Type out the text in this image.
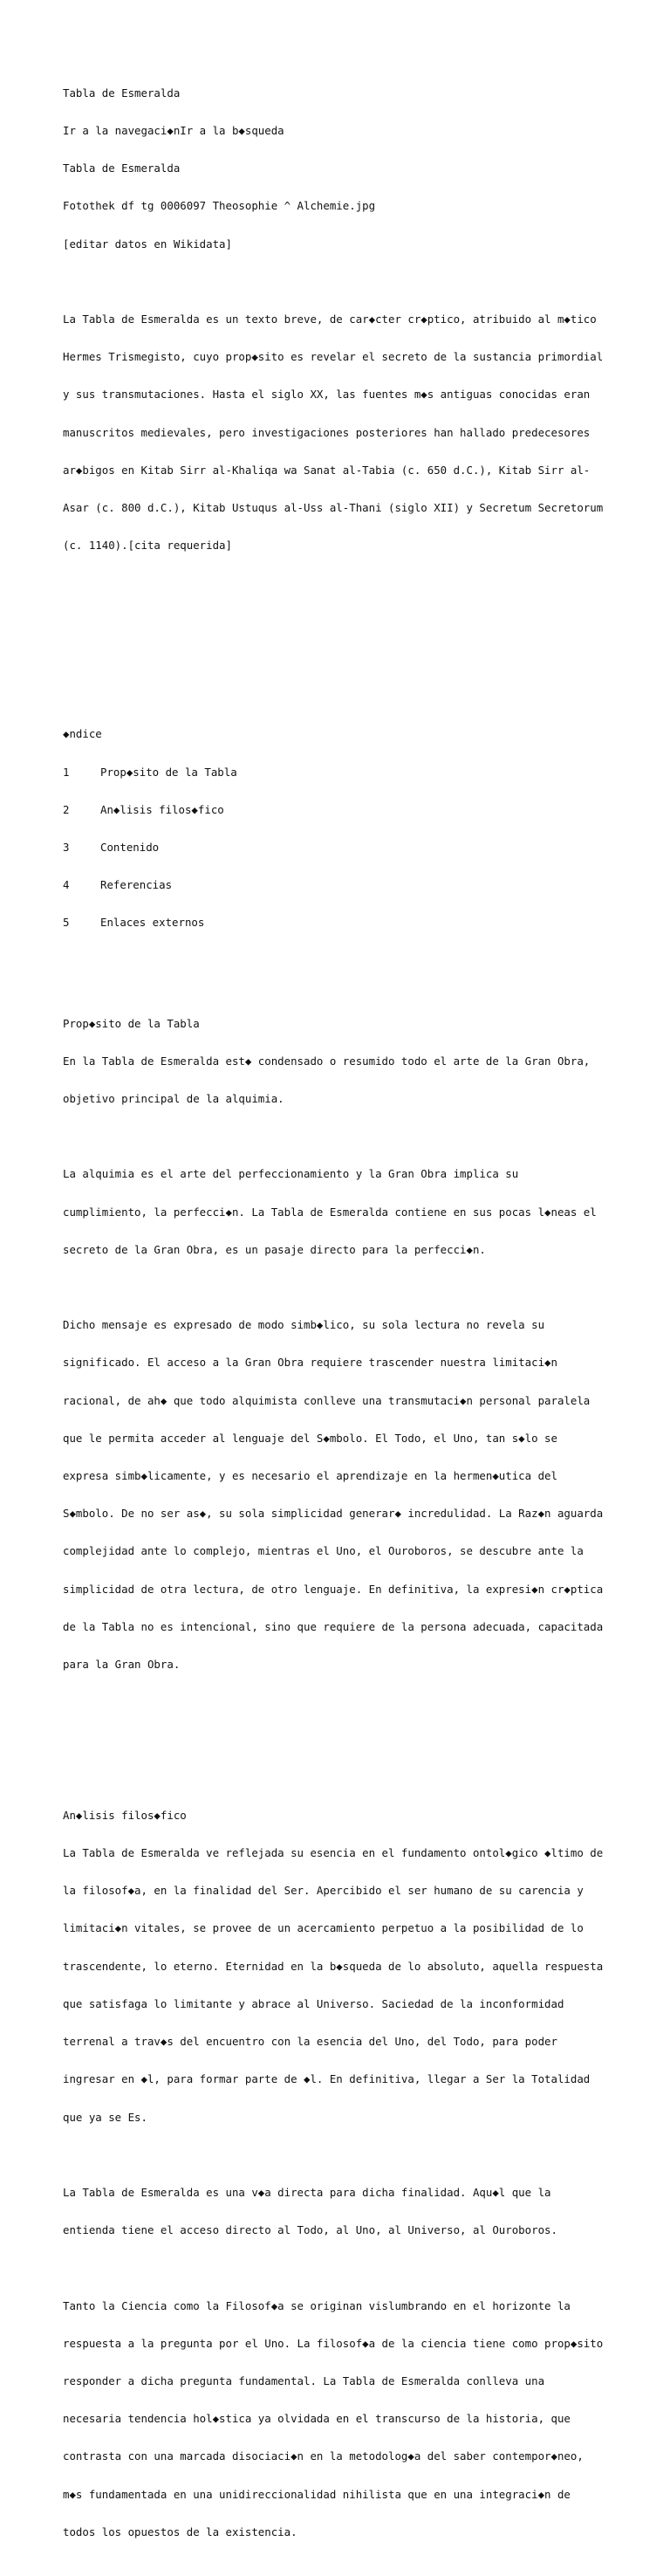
Tabla de Esmeralda

Ir a la navegaci◆nIr a la b◆squeda

Tabla de Esmeralda

Fotothek df tg 0006097 Theosophie ^ Alchemie.jpg

[editar datos en Wikidata]

La Tabla de Esmeralda es un texto breve, de car◆cter cr◆ptico, atribuido al m◆tico

Hermes Trismegisto, cuyo prop◆sito es revelar el secreto de la sustancia primordial

y sus transmutaciones. Hasta el siglo XX, las fuentes m◆s antiguas conocidas eran

manuscritos medievales, pero investigaciones posteriores han hallado predecesores

ar◆bigos en Kitab Sirr al-Khaliqa wa Sanat al-Tabia (c. 650 d.C.), Kitab Sirr al-

Asar (c. 800 d.C.), Kitab Ustuqus al-Uss al-Thani (siglo XII) y Secretum Secretorum

(c. 1140).[cita requerida]

◆ndice

1	Prop◆sito de la Tabla

2	An◆lisis filos◆fico

3	Contenido

4	Referencias

5	Enlaces externos

Prop◆sito de la Tabla

En la Tabla de Esmeralda est◆ condensado o resumido todo el arte de la Gran Obra,

objetivo principal de la alquimia.

La alquimia es el arte del perfeccionamiento y la Gran Obra implica su

cumplimiento, la perfecci◆n. La Tabla de Esmeralda contiene en sus pocas l◆neas el

secreto de la Gran Obra, es un pasaje directo para la perfecci◆n.

Dicho mensaje es expresado de modo simb◆lico, su sola lectura no revela su

significado. El acceso a la Gran Obra requiere trascender nuestra limitaci◆n

racional, de ah◆ que todo alquimista conlleve una transmutaci◆n personal paralela

que le permita acceder al lenguaje del S◆mbolo. El Todo, el Uno, tan s◆lo se

expresa simb◆licamente, y es necesario el aprendizaje en la hermen◆utica del

S◆mbolo. De no ser as◆, su sola simplicidad generar◆ incredulidad. La Raz◆n aguarda

complejidad ante lo complejo, mientras el Uno, el Ouroboros, se descubre ante la

simplicidad de otra lectura, de otro lenguaje. En definitiva, la expresi◆n cr◆ptica

de la Tabla no es intencional, sino que requiere de la persona adecuada, capacitada

para la Gran Obra.

An◆lisis filos◆fico

La Tabla de Esmeralda ve reflejada su esencia en el fundamento ontol◆gico ◆ltimo de

la filosof◆a, en la finalidad del Ser. Apercibido el ser humano de su carencia y

limitaci◆n vitales, se provee de un acercamiento perpetuo a la posibilidad de lo

trascendente, lo eterno. Eternidad en la b◆squeda de lo absoluto, aquella respuesta

que satisfaga lo limitante y abrace al Universo. Saciedad de la inconformidad

terrenal a trav◆s del encuentro con la esencia del Uno, del Todo, para poder

ingresar en ◆l, para formar parte de ◆l. En definitiva, llegar a Ser la Totalidad

que ya se Es.

La Tabla de Esmeralda es una v◆a directa para dicha finalidad. Aqu◆l que la

entienda tiene el acceso directo al Todo, al Uno, al Universo, al Ouroboros.

Tanto la Ciencia como la Filosof◆a se originan vislumbrando en el horizonte la

respuesta a la pregunta por el Uno. La filosof◆a de la ciencia tiene como prop◆sito

responder a dicha pregunta fundamental. La Tabla de Esmeralda conlleva una

necesaria tendencia hol◆stica ya olvidada en el transcurso de la historia, que

contrasta con una marcada disociaci◆n en la metodolog◆a del saber contempor◆neo,

m◆s fundamentada en una unidireccionalidad nihilista que en una integraci◆n de

todos los opuestos de la existencia.
